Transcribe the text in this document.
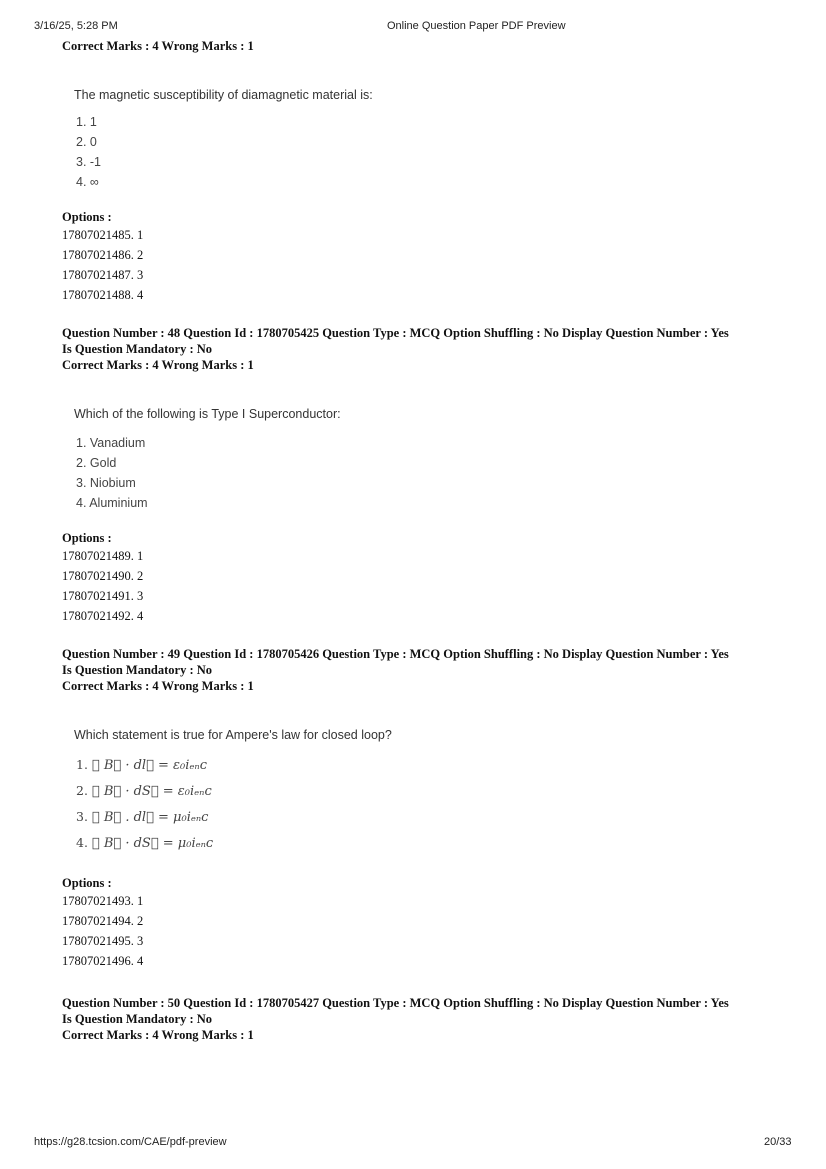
3/16/25, 5:28 PM	Online Question Paper PDF Preview
Correct Marks : 4 Wrong Marks : 1
The magnetic susceptibility of diamagnetic material is:
1. 1
2. 0
3. -1
4. ∞
Options :
17807021485. 1
17807021486. 2
17807021487. 3
17807021488. 4
Question Number : 48 Question Id : 1780705425 Question Type : MCQ Option Shuffling : No Display Question Number : Yes
Is Question Mandatory : No
Correct Marks : 4 Wrong Marks : 1
Which of the following is Type I Superconductor:
1. Vanadium
2. Gold
3. Niobium
4. Aluminium
Options :
17807021489. 1
17807021490. 2
17807021491. 3
17807021492. 4
Question Number : 49 Question Id : 1780705426 Question Type : MCQ Option Shuffling : No Display Question Number : Yes
Is Question Mandatory : No
Correct Marks : 4 Wrong Marks : 1
Which statement is true for Ampere's law for closed loop?
1. ∮ B⃗ · dl⃗ = ε₀iₑₙᴄ
2. ∮ B⃗ · dS⃗ = ε₀iₑₙᴄ
3. ∮ B⃗ . dl⃗ = μ₀iₑₙᴄ
4. ∮ B⃗ · dS⃗ = μ₀iₑₙᴄ
Options :
17807021493. 1
17807021494. 2
17807021495. 3
17807021496. 4
Question Number : 50 Question Id : 1780705427 Question Type : MCQ Option Shuffling : No Display Question Number : Yes
Is Question Mandatory : No
Correct Marks : 4 Wrong Marks : 1
https://g28.tcsion.com/CAE/pdf-preview	20/33
